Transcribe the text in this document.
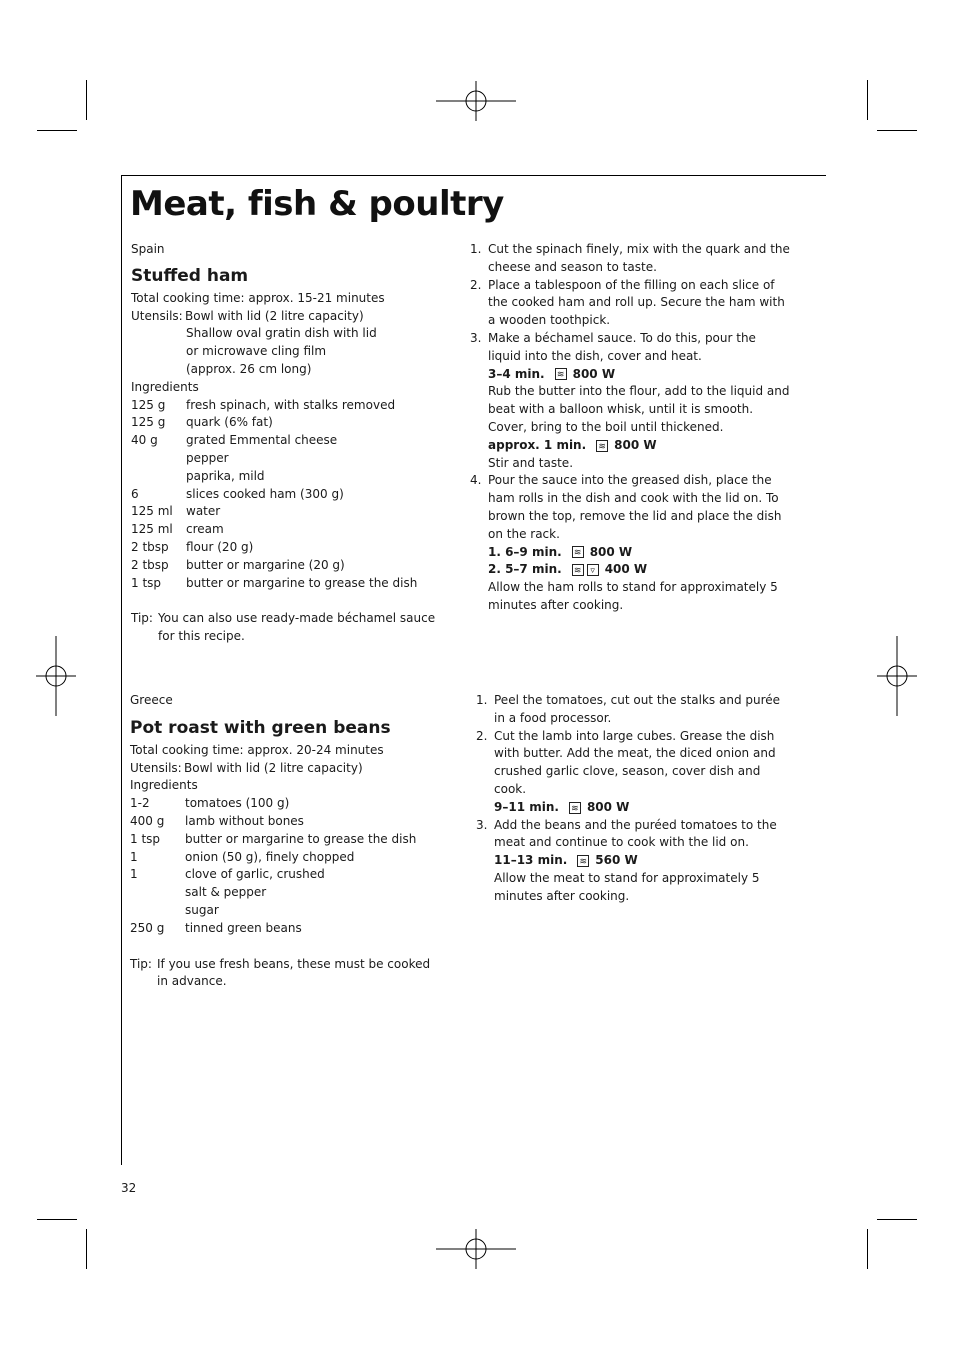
Meat, fish & poultry
Spain
Stuffed ham
Total cooking time: approx. 15-21 minutes
Utensils: Bowl with lid (2 litre capacity)
Shallow oval gratin dish with lid
or microwave cling film
(approx. 26 cm long)
Ingredients
125 g	fresh spinach, with stalks removed
125 g	quark (6% fat)
40 g	grated Emmental cheese
pepper
paprika, mild
6	slices cooked ham (300 g)
125 ml	water
125 ml	cream
2 tbsp	flour (20 g)
2 tbsp	butter or margarine (20 g)
1 tsp	butter or margarine to grease the dish
Tip: You can also use ready-made béchamel sauce for this recipe.
1. Cut the spinach finely, mix with the quark and the cheese and season to taste.
2. Place a tablespoon of the filling on each slice of the cooked ham and roll up. Secure the ham with a wooden toothpick.
3. Make a béchamel sauce. To do this, pour the liquid into the dish, cover and heat.
3–4 min. ≋ 800 W
Rub the butter into the flour, add to the liquid and beat with a balloon whisk, until it is smooth. Cover, bring to the boil until thickened.
approx. 1 min. ≋ 800 W
Stir and taste.
4. Pour the sauce into the greased dish, place the ham rolls in the dish and cook with the lid on. To brown the top, remove the lid and place the dish on the rack.
1. 6–9 min. ≋ 800 W
2. 5–7 min. ≋ ▿ 400 W
Allow the ham rolls to stand for approximately 5 minutes after cooking.
Greece
Pot roast with green beans
Total cooking time: approx. 20-24 minutes
Utensils: Bowl with lid (2 litre capacity)
Ingredients
1-2	tomatoes (100 g)
400 g	lamb without bones
1 tsp	butter or margarine to grease the dish
1	onion (50 g), finely chopped
1	clove of garlic, crushed
salt & pepper
sugar
250 g	tinned green beans
Tip: If you use fresh beans, these must be cooked in advance.
1. Peel the tomatoes, cut out the stalks and purée in a food processor.
2. Cut the lamb into large cubes. Grease the dish with butter. Add the meat, the diced onion and crushed garlic clove, season, cover dish and cook.
9–11 min. ≋ 800 W
3. Add the beans and the puréed tomatoes to the meat and continue to cook with the lid on.
11–13 min. ≋ 560 W
Allow the meat to stand for approximately 5 minutes after cooking.
32
